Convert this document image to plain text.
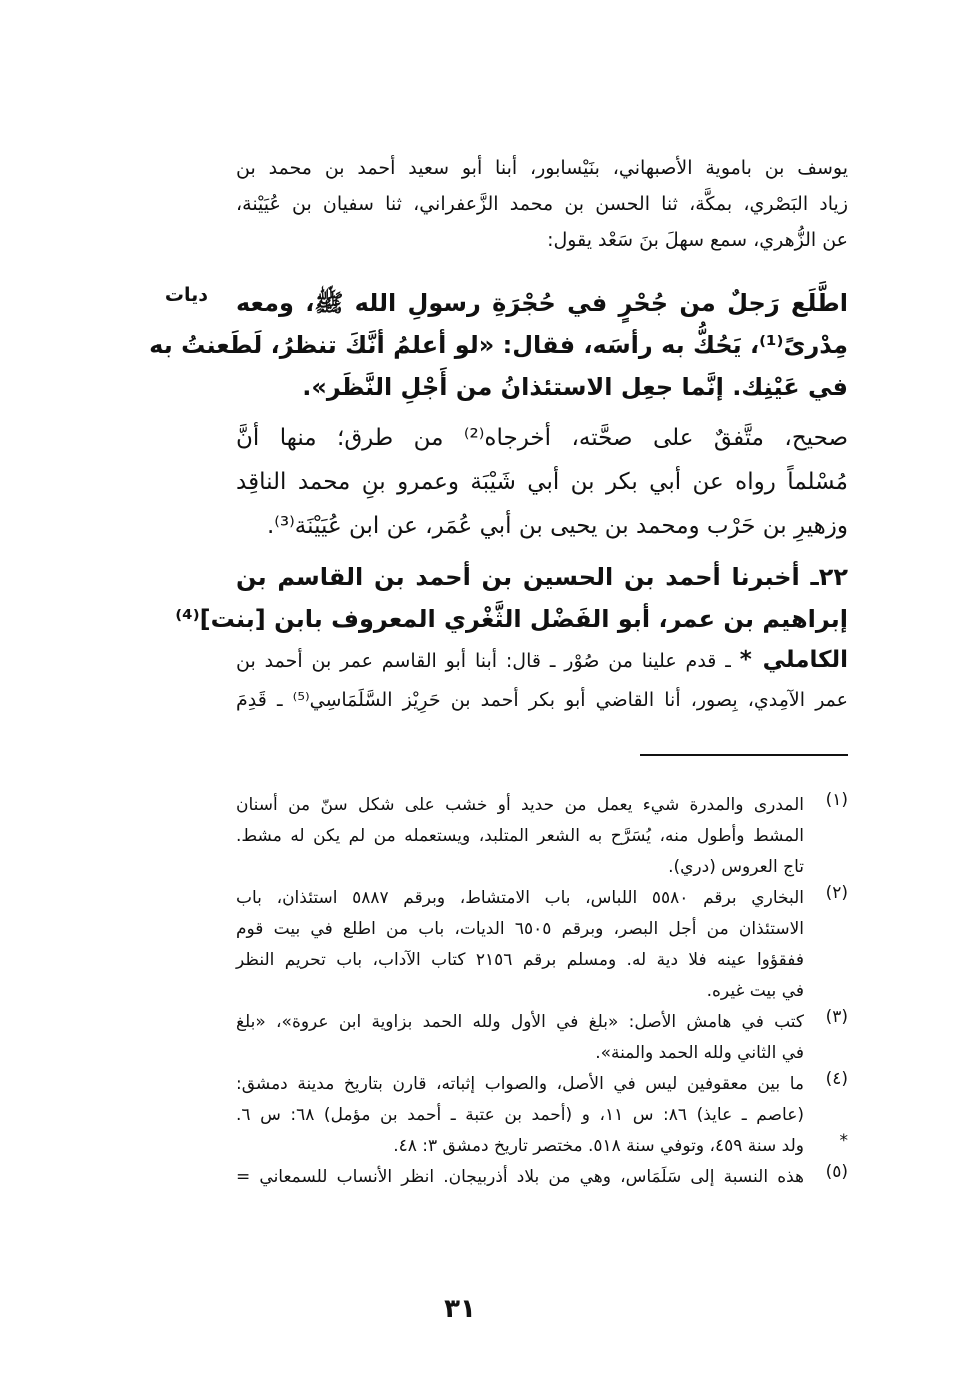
ديات
يوسف بن باموية الأصبهاني، بنَيْسابور، أبنا أبو سعيد أحمد بن محمد بن
زياد البَصْري، بمكَّة، ثنا الحسن بن محمد الزَّعفراني، ثنا سفيان بن عُيَيْنة،
عن الزُّهري، سمع سهلَ بنَ سَعْد يقول:
اطَّلَع رَجلٌ من جُحْرٍ في حُجْرَةِ رسولِ الله ﷺ، ومعه
مِدْرىً⁽¹⁾، يَحُكُّ به رأسَه، فقال: «لو أعلمُ أنَّكَ تنظرُ، لَطَعنتُ به
في عَيْنِك. إنَّما جعِل الاستئذانُ من أَجْلِ النَّظَر».
صحيح، متَّفقٌ على صحَّته، أخرجاه⁽²⁾ من طرق؛ منها أنَّ
مُسْلماً رواه عن أبي بكر بن أبي شَيْبَة وعمرو بنِ محمد الناقِد
وزهيرِ بن حَرْب ومحمد بن يحيى بن أبي عُمَر، عن ابن عُيَيْنَة⁽³⁾.
٢٢ـ أخبرنا أحمد بن الحسين بن أحمد بن القاسم بن
إبراهيم بن عمر، أبو الفَضْل الثَّغْري المعروف بابن [بنت]⁽⁴⁾
الكاملي * ـ قدم علينا من صُوْر ـ قال: أبنا أبو القاسم عمر بن أحمد بن
عمر الآمِدي، بِصور، أنا القاضي أبو بكر أحمد بن حَرِيْز السَّلَمَاسِي⁽⁵⁾ ـ قَدِمَ
(١)
المدرى والمدرة شيء يعمل من حديد أو خشب على شكل سنّ من أسنان
المشط وأطول منه، يُسَرَّح به الشعر المتلبد، ويستعمله من لم يكن له مشط.
تاج العروس (دري).
(٢)
البخاري برقم ٥٥٨٠ اللباس، باب الامتشاط، وبرقم ٥٨٨٧ استئذان، باب
الاستئذان من أجل البصر، وبرقم ٦٥٠٥ الديات، باب من اطلع في بيت قوم
ففقؤوا عينه فلا دية له. ومسلم برقم ٢١٥٦ كتاب الآداب، باب تحريم النظر
في بيت غيره.
(٣)
كتب في هامش الأصل: «بلغ في الأول ولله الحمد بزاوية ابن عروة»، «بلغ
في الثاني ولله الحمد والمنة».
(٤)
ما بين معقوفين ليس في الأصل، والصواب إثباته، قارن بتاريخ مدينة دمشق:
(عاصم ـ عايذ) ٨٦: س ١١، و (أحمد بن عتبة ـ أحمد بن مؤمل) ٦٨: س ٦.
*
ولد سنة ٤٥٩، وتوفي سنة ٥١٨. مختصر تاريخ دمشق ٣: ٤٨.
(٥)
هذه النسبة إلى سَلَمَاس، وهي من بلاد أذربيجان. انظر الأنساب للسمعاني =
٣١
